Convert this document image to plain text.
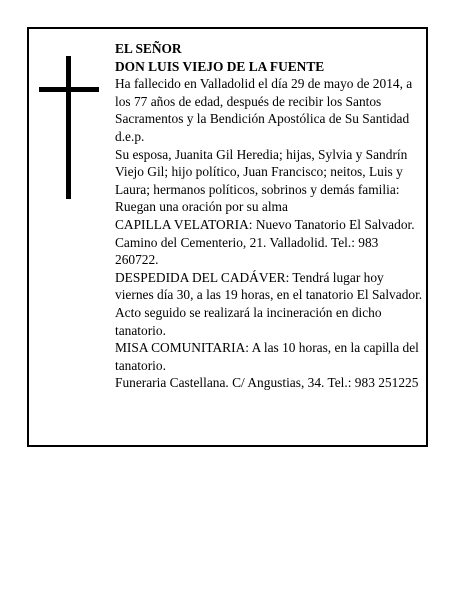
EL SEÑOR

DON LUIS VIEJO DE LA FUENTE

Ha fallecido en Valladolid el día 29 de mayo de 2014, a los 77 años de edad, después de recibir los Santos Sacramentos y la Bendición Apostólica de Su Santidad d.e.p.

Su esposa, Juanita Gil Heredia; hijas, Sylvia y Sandrín Viejo Gil; hijo político, Juan Francisco; neitos, Luis y Laura; hermanos políticos, sobrinos y demás familia:

Ruegan una oración por su alma

CAPILLA VELATORIA: Nuevo Tanatorio El Salvador. Camino del Cementerio, 21. Valladolid. Tel.: 983 260722.

DESPEDIDA DEL CADÁVER: Tendrá lugar hoy viernes día 30, a las 19 horas, en el tanatorio El Salvador. Acto seguido se realizará la incineración en dicho tanatorio.

MISA COMUNITARIA: A las 10 horas, en la capilla del tanatorio.

Funeraria Castellana. C/ Angustias, 34. Tel.: 983 251225
